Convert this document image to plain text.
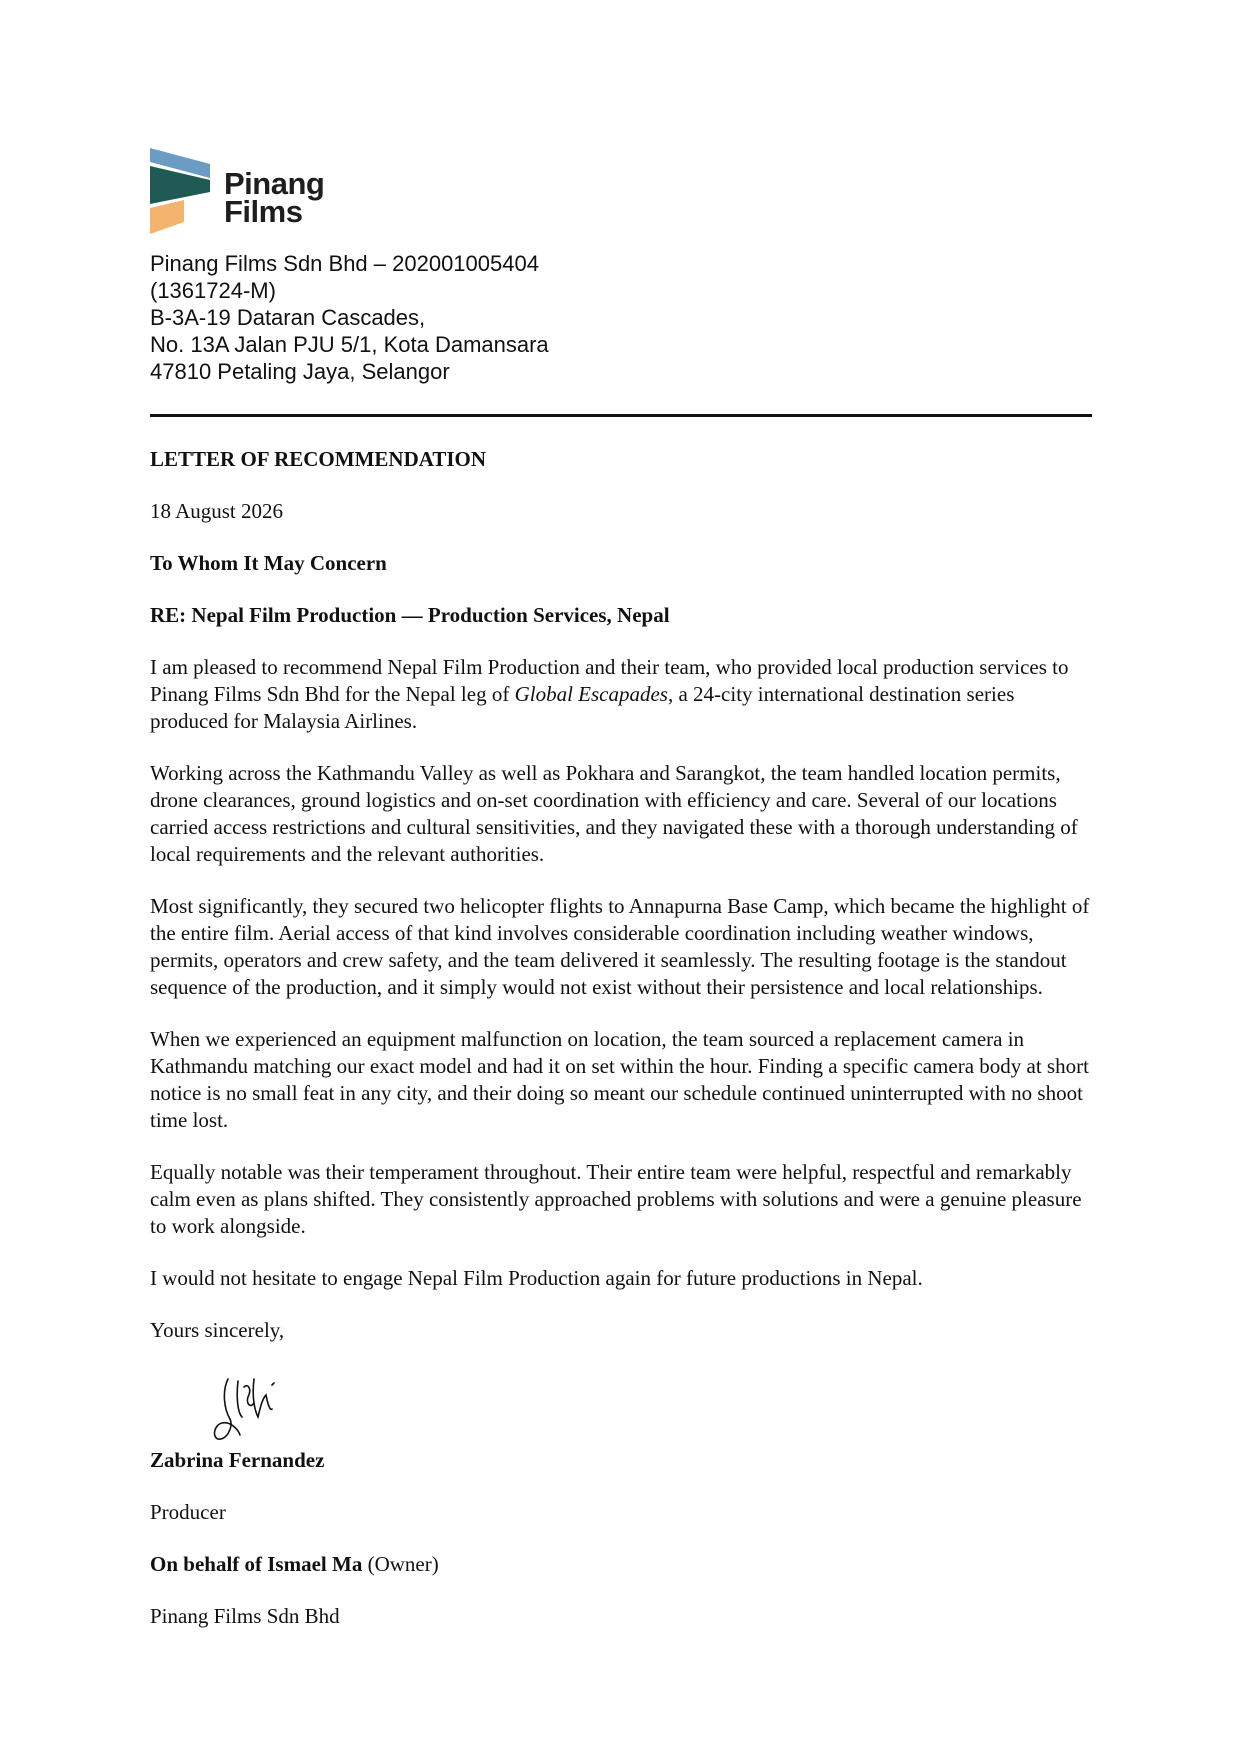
Pinang
Films
Pinang Films Sdn Bhd – 202001005404
(1361724-M)
B-3A-19 Dataran Cascades,
No. 13A Jalan PJU 5/1, Kota Damansara
47810 Petaling Jaya, Selangor

LETTER OF RECOMMENDATION

18 August 2026

To Whom It May Concern

RE: Nepal Film Production — Production Services, Nepal

I am pleased to recommend Nepal Film Production and their team, who provided local production services to Pinang Films Sdn Bhd for the Nepal leg of Global Escapades, a 24-city international destination series produced for Malaysia Airlines.

Working across the Kathmandu Valley as well as Pokhara and Sarangkot, the team handled location permits, drone clearances, ground logistics and on-set coordination with efficiency and care. Several of our locations carried access restrictions and cultural sensitivities, and they navigated these with a thorough understanding of local requirements and the relevant authorities.

Most significantly, they secured two helicopter flights to Annapurna Base Camp, which became the highlight of the entire film. Aerial access of that kind involves considerable coordination including weather windows, permits, operators and crew safety, and the team delivered it seamlessly. The resulting footage is the standout sequence of the production, and it simply would not exist without their persistence and local relationships.

When we experienced an equipment malfunction on location, the team sourced a replacement camera in Kathmandu matching our exact model and had it on set within the hour. Finding a specific camera body at short notice is no small feat in any city, and their doing so meant our schedule continued uninterrupted with no shoot time lost.

Equally notable was their temperament throughout. Their entire team were helpful, respectful and remarkably calm even as plans shifted. They consistently approached problems with solutions and were a genuine pleasure to work alongside.

I would not hesitate to engage Nepal Film Production again for future productions in Nepal.

Yours sincerely,

Zabrina Fernandez

Producer

On behalf of Ismael Ma (Owner)

Pinang Films Sdn Bhd
